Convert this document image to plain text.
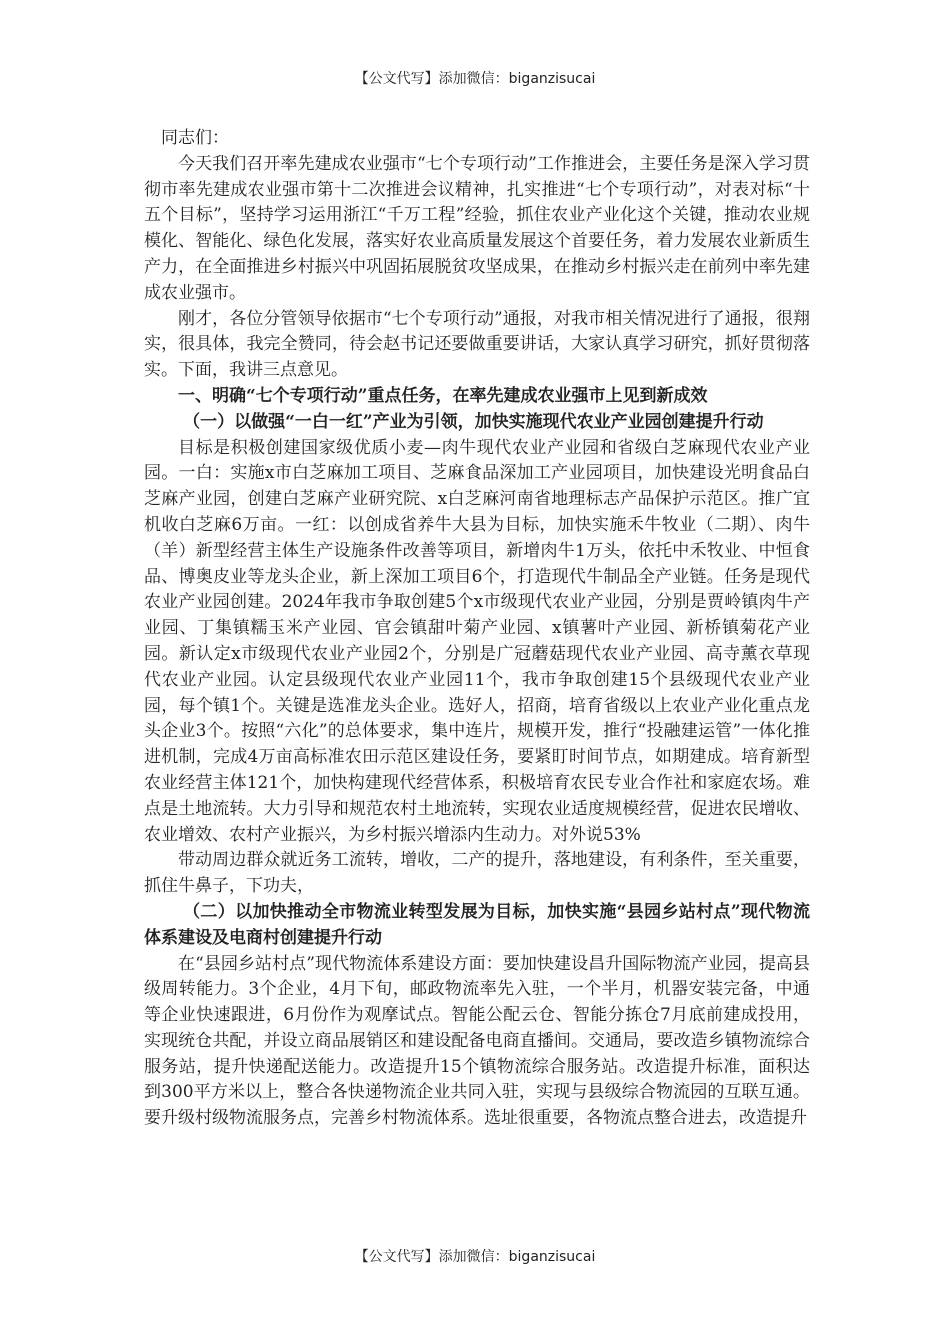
【公文代写】添加微信：biganzisucai

同志们：

今天我们召开率先建成农业强市“七个专项行动”工作推进会，主要任务是深入学习贯彻市率先建成农业强市第十二次推进会议精神，扎实推进“七个专项行动”，对表对标“十五个目标”，坚持学习运用浙江“千万工程”经验，抓住农业产业化这个关键，推动农业规模化、智能化、绿色化发展，落实好农业高质量发展这个首要任务，着力发展农业新质生产力，在全面推进乡村振兴中巩固拓展脱贫攻坚成果，在推动乡村振兴走在前列中率先建成农业强市。

刚才，各位分管领导依据市“七个专项行动”通报，对我市相关情况进行了通报，很翔实，很具体，我完全赞同，待会赵书记还要做重要讲话，大家认真学习研究，抓好贯彻落实。下面，我讲三点意见。

一、明确“七个专项行动”重点任务，在率先建成农业强市上见到新成效

（一）以做强“一白一红”产业为引领，加快实施现代农业产业园创建提升行动

目标是积极创建国家级优质小麦—肉牛现代农业产业园和省级白芝麻现代农业产业园。一白：实施x市白芝麻加工项目、芝麻食品深加工产业园项目，加快建设光明食品白芝麻产业园，创建白芝麻产业研究院、x白芝麻河南省地理标志产品保护示范区。推广宜机收白芝麻6万亩。一红：以创成省养牛大县为目标，加快实施禾牛牧业（二期）、肉牛（羊）新型经营主体生产设施条件改善等项目，新增肉牛1万头，依托中禾牧业、中恒食品、博奥皮业等龙头企业，新上深加工项目6个，打造现代牛制品全产业链。任务是现代农业产业园创建。2024年我市争取创建5个x市级现代农业产业园，分别是贾岭镇肉牛产业园、丁集镇糯玉米产业园、官会镇甜叶菊产业园、x镇薯叶产业园、新桥镇菊花产业园。新认定x市级现代农业产业园2个，分别是广冠蘑菇现代农业产业园、高寺薰衣草现代农业产业园。认定县级现代农业产业园11个，我市争取创建15个县级现代农业产业园，每个镇1个。关键是选准龙头企业。选好人，招商，培育省级以上农业产业化重点龙头企业3个。按照“六化”的总体要求，集中连片，规模开发，推行“投融建运管”一体化推进机制，完成4万亩高标准农田示范区建设任务，要紧盯时间节点，如期建成。培育新型农业经营主体121个，加快构建现代经营体系，积极培育农民专业合作社和家庭农场。难点是土地流转。大力引导和规范农村土地流转，实现农业适度规模经营，促进农民增收、农业增效、农村产业振兴，为乡村振兴增添内生动力。对外说53%

带动周边群众就近务工流转，增收，二产的提升，落地建设，有利条件，至关重要，抓住牛鼻子，下功夫，

（二）以加快推动全市物流业转型发展为目标，加快实施“县园乡站村点”现代物流体系建设及电商村创建提升行动

在“县园乡站村点”现代物流体系建设方面：要加快建设昌升国际物流产业园，提高县级周转能力。3个企业，4月下旬，邮政物流率先入驻，一个半月，机器安装完备，中通等企业快速跟进，6月份作为观摩试点。智能公配云仓、智能分拣仓7月底前建成投用，实现统仓共配，并设立商品展销区和建设配备电商直播间。交通局，要改造乡镇物流综合服务站，提升快递配送能力。改造提升15个镇物流综合服务站。改造提升标准，面积达到300平方米以上，整合各快递物流企业共同入驻，实现与县级综合物流园的互联互通。要升级村级物流服务点，完善乡村物流体系。选址很重要，各物流点整合进去，改造提升

【公文代写】添加微信：biganzisucai
